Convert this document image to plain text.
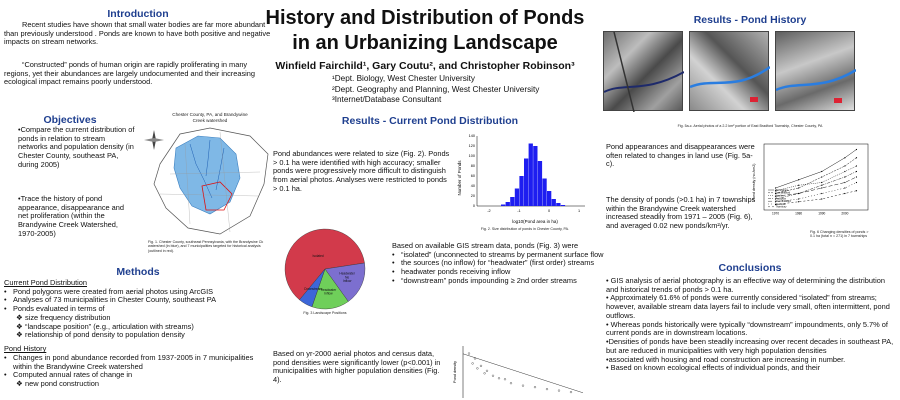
Introduction
Recent studies have shown that small water bodies are far more abundant than previously understood . Ponds are known to have both positive and negative impacts on stream networks.
“Constructed” ponds of human origin are rapidly proliferating in many regions, yet their abundances are largely undocumented and their increasing ecological impact remains poorly understood.
Objectives
•Compare the current distribution of ponds in relation to stream networks and population density (in Chester County, southeast PA, during 2005)
•Trace the history of pond appearance, disappearance and net proliferation (within the Brandywine Creek Watershed, 1970-2005)
Chester County, PA, and Brandywine Creek watershed
Fig. 1. Chester County, southeast Pennsylvania, with the Brandywine Ck watershed (in blue), and 7 municipalities targeted for historical analysis (outlined in red).
Methods
Current Pond Distribution
• Pond polygons were created from aerial photos using ArcGIS
• Analyses of 73 municipalities in Chester County, southeast PA
• Ponds evaluated in terms of
❖ size frequency distribution
❖ “landscape position” (e.g., articulation with streams)
❖ relationship of pond density to population density
Pond History
• Changes in pond abundance recorded from 1937-2005 in 7 municipalities within the Brandywine Creek watershed
• Computed annual rates of change in
❖ new pond construction
History and Distribution of Ponds
in an Urbanizing Landscape
Winfield Fairchild¹, Gary Coutu², and Christopher Robinson³
¹Dept. Biology, West Chester University
²Dept. Geography and Planning, West Chester University
³Internet/Database Consultant
Results - Current Pond Distribution
Pond abundances were related to size (Fig. 2). Ponds > 0.1 ha were identified with high accuracy; smaller ponds were progressively more difficult to distinguish from aerial photos. Analyses were restricted to ponds > 0.1 ha.	Number of Ponds
log10(Pond area in ha)
0
20
40
60
80
100
120
140
-2	-1	0	1
Fig. 2. Size distribution of ponds in Chester County, PA.
Isolated
Headwater
No
Inflow
Headwater
Inflow
Downstream
Fig. 3 Landscape Positions
Based on available GIS stream data, ponds (Fig. 3) were
• “isolated” (unconnected to streams by permanent surface flow
• the sources (no inflow) for “headwater” (first order) streams
• headwater ponds receiving inflow
• “downstream” ponds impounding ≥ 2nd order streams
Based on yr-2000 aerial photos and census data, pond densities were significantly lower (p<0.001) in municipalities with higher population densities (Fig. 4).	Pond density
Results - Pond History
Fig. 5a-c. Aerial photos of a 2.2 km² portion of East Bradford Township, Chester County, PA
Pond appearances and disappearances were often related to changes in land use (Fig. 5a-c).	Pond density (no./km2)
1970	1980	1990	2000
Birmingham
East Bradford
Newlin
Pocopson
West Bradford
Westtown
Thornbury
Fig. 6 Changing densities of ponds > 0.1 ha (total n = 271) in 7 townships
The density of ponds (>0.1 ha) in 7 townships within the Brandywine Creek watershed increased steadily from 1971 – 2005 (Fig. 6), and averaged 0.02 new ponds/km²/yr.
Conclusions
• GIS analysis of aerial photography is an effective way of determining the distribution and historical trends of ponds > 0.1 ha.
• Approximately 61.6% of ponds were currently considered “isolated” from streams; however, available stream data layers fail to include very small, often intermittent, pond outflows.
• Whereas ponds historically were typically “downstream” impoundments, only 5.7% of current ponds are in downstream locations.
•Densities of ponds have been steadily increasing over recent decades in southeast PA, but are reduced in municipalities with very high population densities
•associated with housing and road construction are increasing in number.
• Based on known ecological effects of individual ponds, and their
